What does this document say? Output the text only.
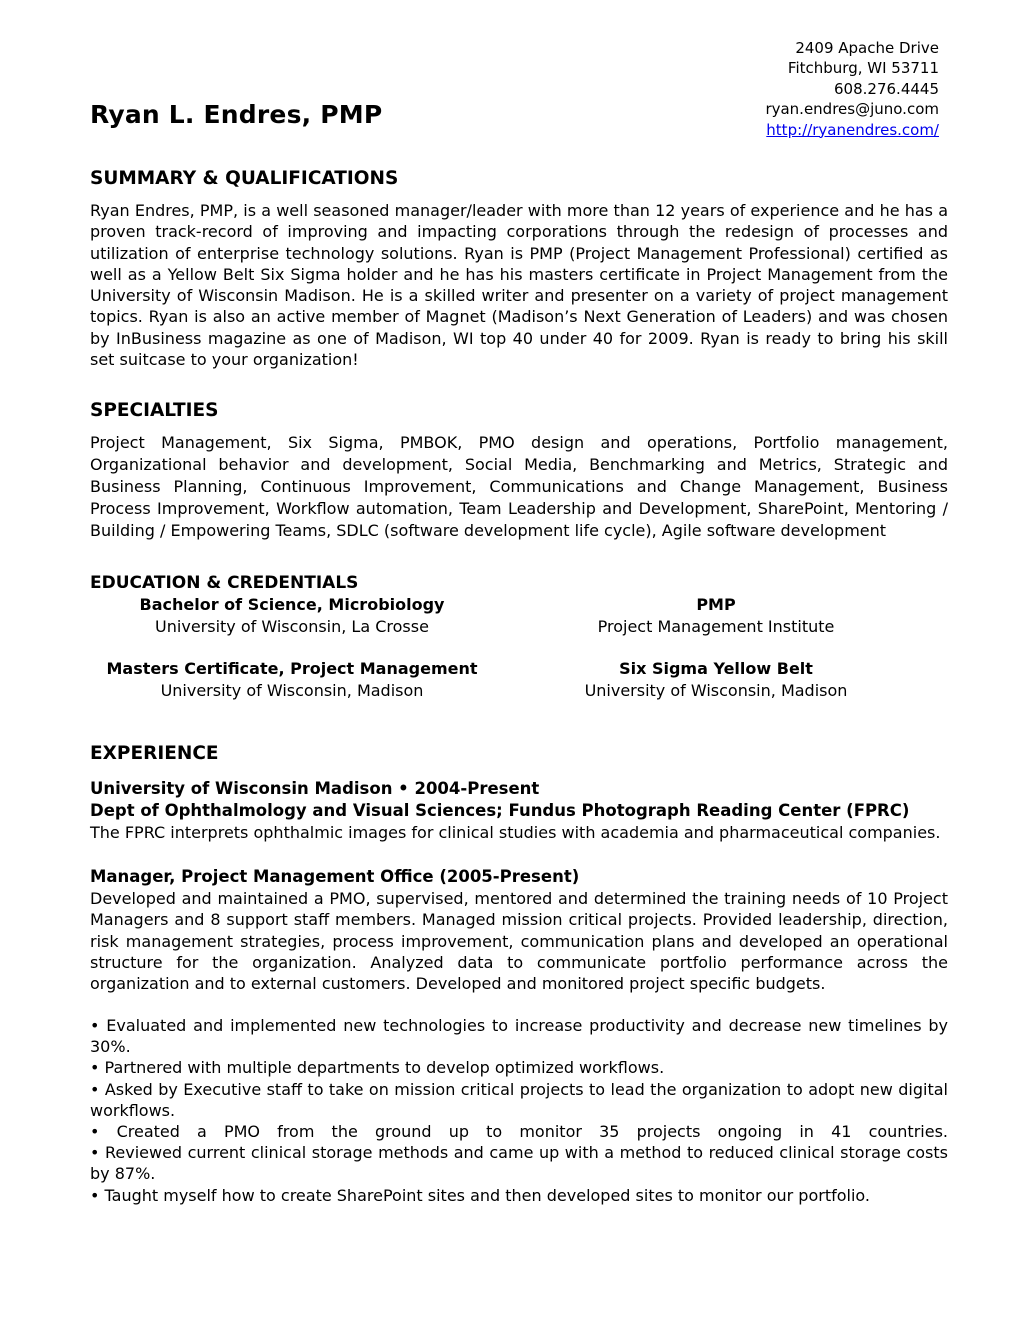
2409 Apache Drive
Fitchburg, WI 53711
608.276.4445
ryan.endres@juno.com
http://ryanendres.com/
Ryan L. Endres, PMP
SUMMARY & QUALIFICATIONS
Ryan Endres, PMP, is a well seasoned manager/leader with more than 12 years of experience and he has a proven track-record of improving and impacting corporations through the redesign of processes and utilization of enterprise technology solutions. Ryan is PMP (Project Management Professional) certified as well as a Yellow Belt Six Sigma holder and he has his masters certificate in Project Management from the University of Wisconsin Madison. He is a skilled writer and presenter on a variety of project management topics. Ryan is also an active member of Magnet (Madison’s Next Generation of Leaders) and was chosen by InBusiness magazine as one of Madison, WI top 40 under 40 for 2009. Ryan is ready to bring his skill set suitcase to your organization!
SPECIALTIES
Project Management, Six Sigma, PMBOK, PMO design and operations, Portfolio management, Organizational behavior and development, Social Media, Benchmarking and Metrics, Strategic and Business Planning, Continuous Improvement, Communications and Change Management, Business Process Improvement, Workflow automation, Team Leadership and Development, SharePoint, Mentoring / Building / Empowering Teams, SDLC (software development life cycle), Agile software development
EDUCATION & CREDENTIALS
Bachelor of Science, Microbiology
University of Wisconsin, La Crosse
PMP
Project Management Institute
Masters Certificate, Project Management
University of Wisconsin, Madison
Six Sigma Yellow Belt
University of Wisconsin, Madison
EXPERIENCE
University of Wisconsin Madison • 2004-Present
Dept of Ophthalmology and Visual Sciences; Fundus Photograph Reading Center (FPRC)
The FPRC interprets ophthalmic images for clinical studies with academia and pharmaceutical companies.
Manager, Project Management Office (2005-Present)
Developed and maintained a PMO, supervised, mentored and determined the training needs of 10 Project Managers and 8 support staff members. Managed mission critical projects. Provided leadership, direction, risk management strategies, process improvement, communication plans and developed an operational structure for the organization. Analyzed data to communicate portfolio performance across the organization and to external customers. Developed and monitored project specific budgets.
• Evaluated and implemented new technologies to increase productivity and decrease new timelines by 30%.
• Partnered with multiple departments to develop optimized workflows.
• Asked by Executive staff to take on mission critical projects to lead the organization to adopt new digital workflows.
• Created a PMO from the ground up to monitor 35 projects ongoing in 41 countries.
• Reviewed current clinical storage methods and came up with a method to reduced clinical storage costs by 87%.
• Taught myself how to create SharePoint sites and then developed sites to monitor our portfolio.
